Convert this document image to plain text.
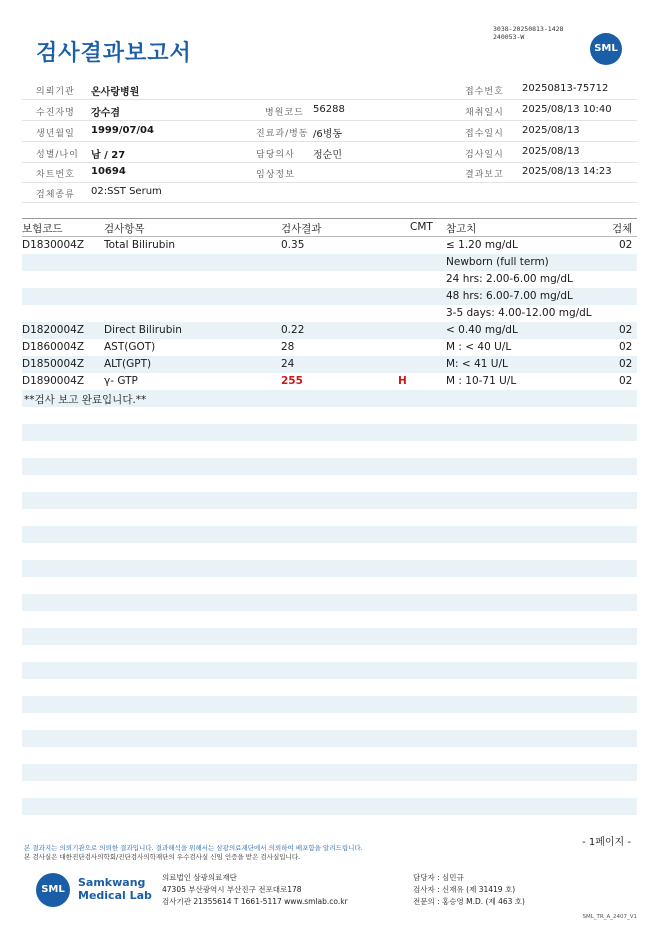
검사결과보고서
3038-20250813-1428
240053-W
SML
의뢰기관 온사랑병원	접수번호 20250813-75712
수진자명 강수겸	병원코드 56288	채취일시 2025/08/13 10:40
생년월일 1999/07/04	진료과/병동 /6병동	접수일시 2025/08/13
성별/나이 남 / 27	담당의사 정순민	검사일시 2025/08/13
차트번호 10694	임상정보	결과보고 2025/08/13 14:23
검체종류 02:SST Serum
보험코드	검사항목	검사결과	CMT 참고치	검체
D1830004Z Total Bilirubin	0.35	≤ 1.20 mg/dL	02
Newborn (full term)
24 hrs: 2.00-6.00 mg/dL
48 hrs: 6.00-7.00 mg/dL
3-5 days: 4.00-12.00 mg/dL
D1820004Z Direct Bilirubin	0.22	< 0.40 mg/dL	02
D1860004Z AST(GOT)	28	M : < 40 U/L	02
D1850004Z ALT(GPT)	24	M: < 41 U/L	02
D1890004Z γ- GTP	255	H	M : 10-71 U/L	02
**검사 보고 완료입니다.**
- 1페이지 -
본 결과지는 의뢰기관으로 의뢰한 결과입니다. 결과해석을 위해서는 삼광의료재단에서 의뢰하여 배포함을 알려드립니다.
본 검사실은 대한진단검사의학회/진단검사의학재단의 우수검사실 신임 인증을 받은 검사실입니다.
SML
Samkwang
Medical Lab
의료법인 삼광의료재단
47305 부산광역시 부산진구 전포대로178
검사기관 21355614 T 1661-5117 www.smlab.co.kr
담당자 : 심민규
검사자 : 신재유 (제 31419 호)
전문의 : 홍승영 M.D. (제 463 호)
SML_TR_A_2407_V1
